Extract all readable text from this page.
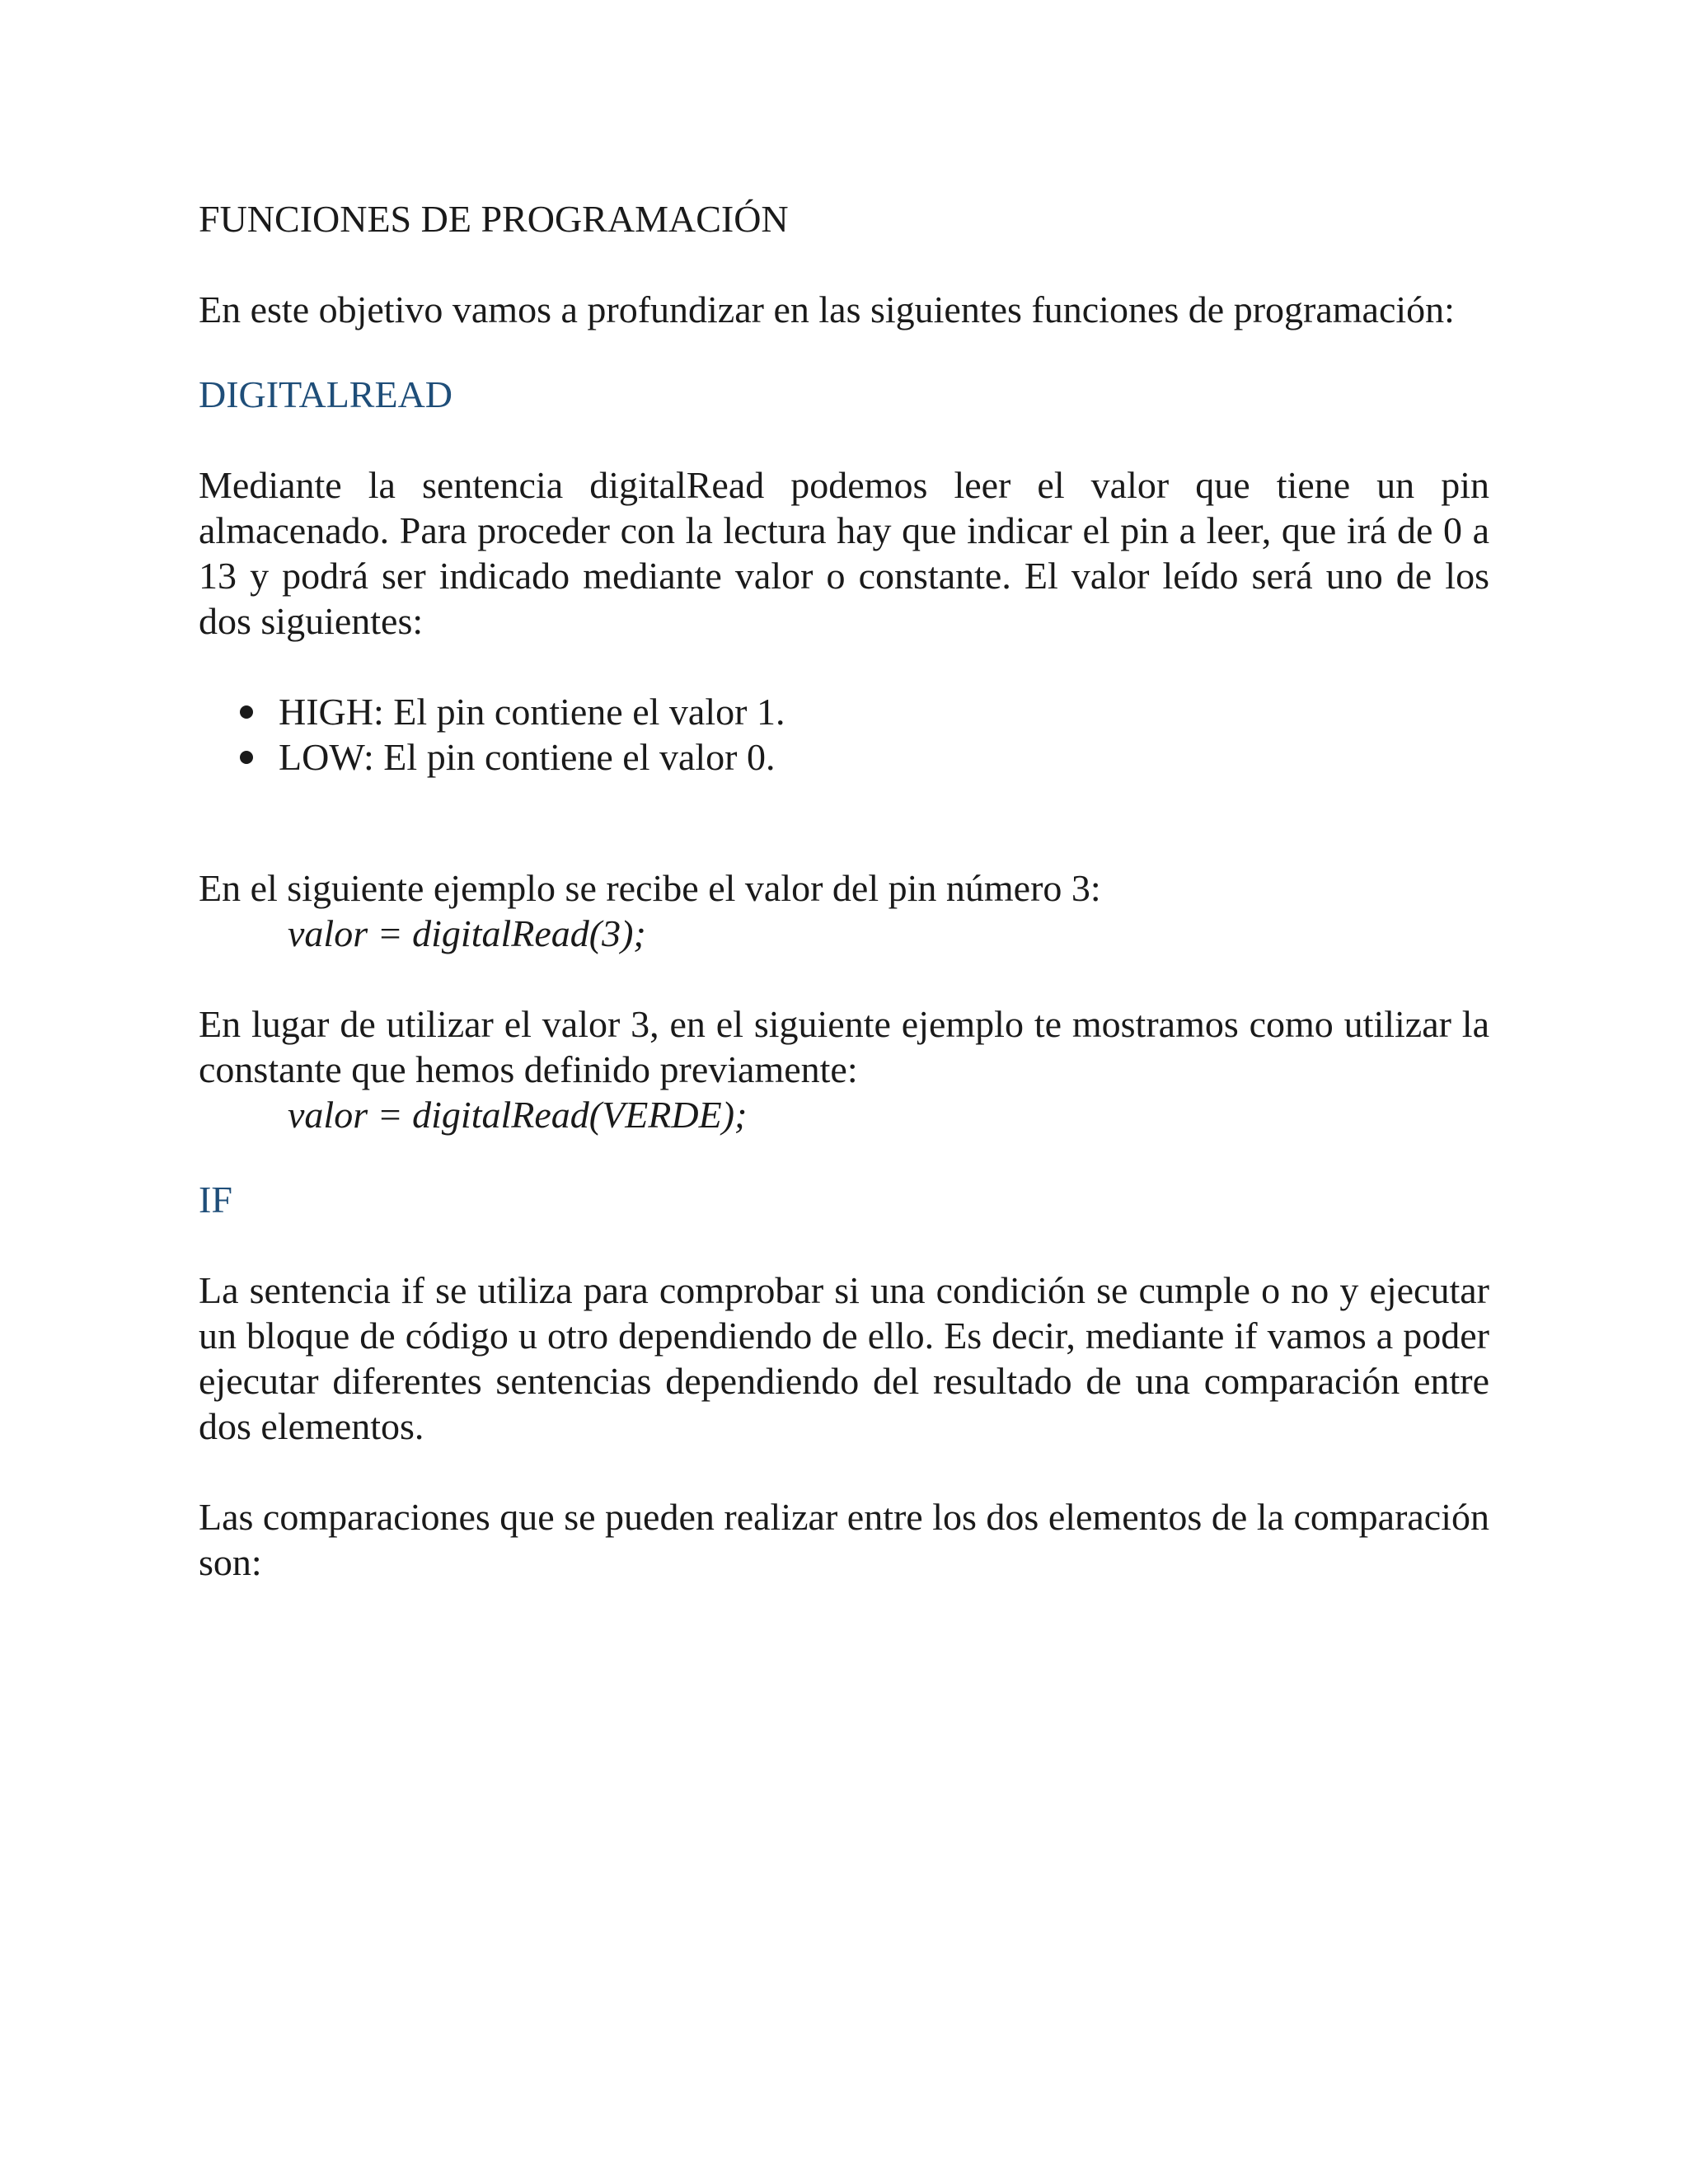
FUNCIONES DE PROGRAMACIÓN
En este objetivo vamos a profundizar en las siguientes funciones de programación:
DIGITALREAD
Mediante la sentencia digitalRead podemos leer el valor que tiene un pin almacenado. Para proceder con la lectura hay que indicar el pin a leer, que irá de 0 a 13 y podrá ser indicado mediante valor o constante. El valor leído será uno de los dos siguientes:
HIGH: El pin contiene el valor 1.
LOW: El pin contiene el valor 0.
En el siguiente ejemplo se recibe el valor del pin número 3:
valor = digitalRead(3);
En lugar de utilizar el valor 3, en el siguiente ejemplo te mostramos como utilizar la constante que hemos definido previamente:
valor = digitalRead(VERDE);
IF
La sentencia if se utiliza para comprobar si una condición se cumple o no y ejecutar un bloque de código u otro dependiendo de ello. Es decir, mediante if vamos a poder ejecutar diferentes sentencias dependiendo del resultado de una comparación entre dos elementos.
Las comparaciones que se pueden realizar entre los dos elementos de la comparación son:
